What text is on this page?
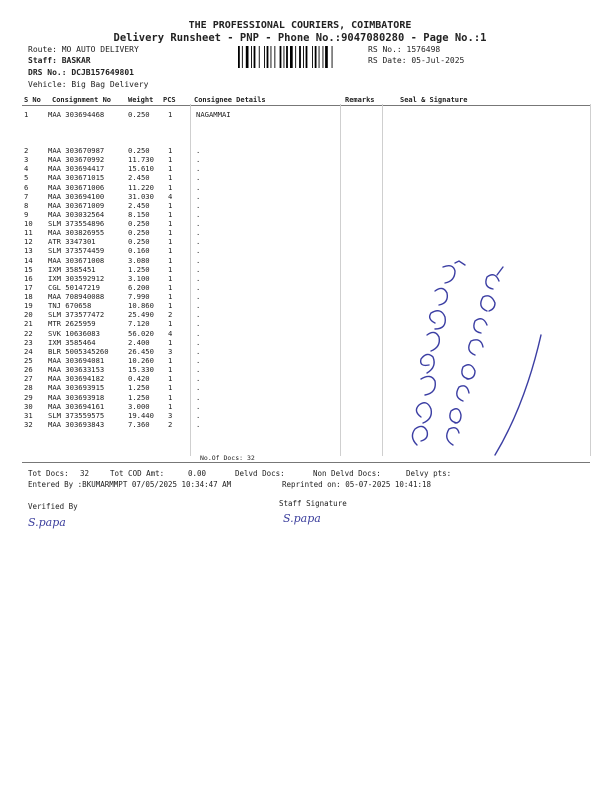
THE PROFESSIONAL COURIERS, COIMBATORE
Delivery Runsheet - PNP - Phone No.:9047080280 - Page No.:1
Route: MO AUTO DELIVERY
Staff: BASKAR
DRS No.: DCJB157649801
Vehicle: Big Bag Delivery
RS No.: 1576498
RS Date: 05-Jul-2025
S No Consignment No Weight PCS	Consignee Details	Remarks	Seal & Signature
1	MAA 303694468	0.250	1	NAGAMMAI
2	MAA 303670987	0.250	1	.
3	MAA 303670992	11.730 1	.
4	MAA 303694417	15.610 1	.
5	MAA 303671015	2.450	1	.
6	MAA 303671006	11.220 1	.
7	MAA 303694100	31.030 4	.
8	MAA 303671009	2.450	1	.
9	MAA 303032564	8.150	1	.
10 SLM 373554896	0.250	1	.
11 MAA 303826955	0.250	1	.
12 ATR 3347301	0.250	1	.
13 SLM 373574459	0.160	1	.
14 MAA 303671008	3.080	1	.
15 IXM 3585451	1.250	1	.
16 IXM 303592912	3.100	1	.
17 CGL 50147219	6.200	1	.
18 MAA 708940088	7.990	1	.
19 TNJ 670658	10.860 1	.
20 SLM 373577472	25.490 2	.
21 MTR 2625959	7.120	1	.
22 SVK 10636083	56.020 4	.
23 IXM 3585464	2.400	1	.
24 BLR 5005345260	26.450 3	.
25 MAA 303694081	10.260 1	.
26 MAA 303633153	15.330 1	.
27 MAA 303694182	0.420	1	.
28 MAA 303693915	1.250	1	.
29 MAA 303693918	1.250	1	.
30 MAA 303694161	3.000	1	.
31 SLM 373559575	19.440 3	.
32 MAA 303693843	7.360	2	.
No.Of Docs: 32
Tot Docs: 32	Tot COD Amt:	0.00	Delvd Docs:	Non Delvd Docs:	Delvy pts:
Entered By :BKUMARMMPT 07/05/2025 10:34:47 AM	Reprinted on: 05-07-2025 10:41:18
Verified By	Staff Signature
S.papa	S.papa
